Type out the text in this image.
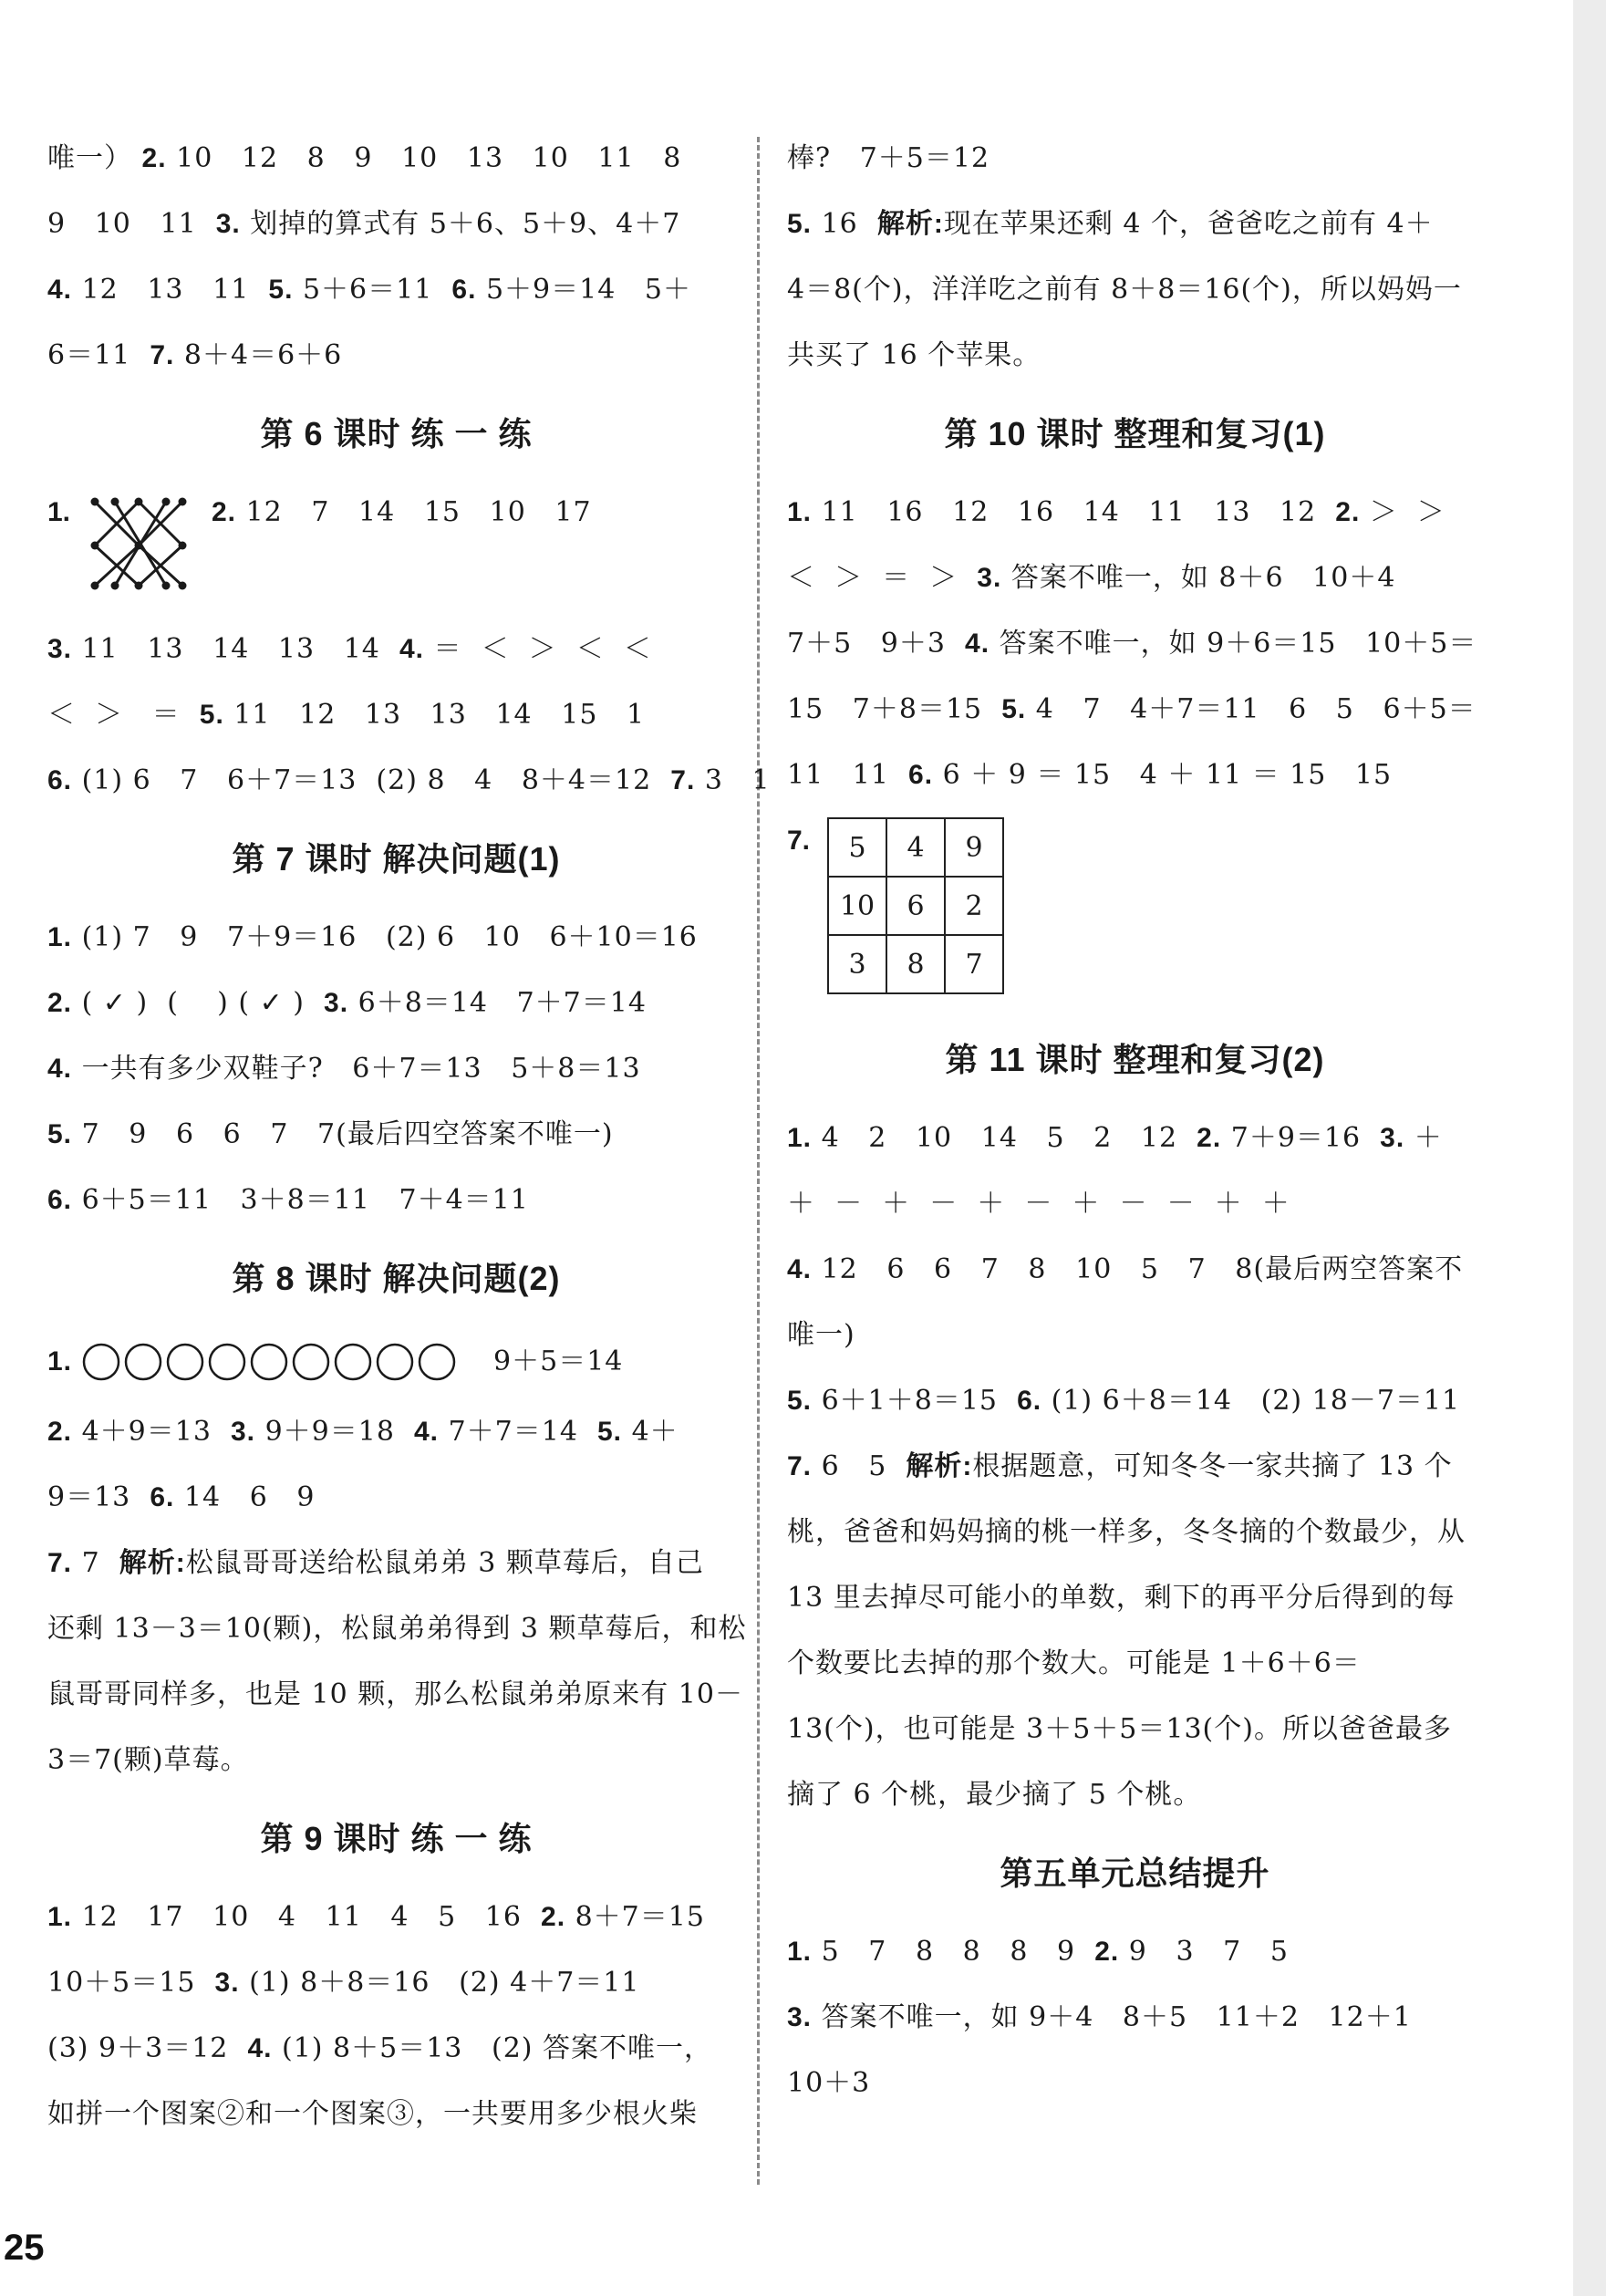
唯一） 2. 10   12   8   9   10   13   10   11   8
9   10   11  3. 划掉的算式有 5＋6、5＋9、4＋7
4. 12   13   11  5. 5＋6＝11  6. 5＋9＝14   5＋
6＝11  7. 8＋4＝6＋6
第 6 课时 练 一 练
1.	2. 12   7   14   15   10   17
3. 11   13   14   13   14  4. ＝  ＜  ＞  ＜  ＜
＜  ＞   ＝  5. 11   12   13   13   14   15   1
6. (1) 6   7   6＋7＝13  (2) 8   4   8＋4＝12  7. 3   1
第 7 课时 解决问题(1)
1. (1) 7   9   7＋9＝16   (2) 6   10   6＋10＝16
2. ( ✓ )  (    ) ( ✓ )  3. 6＋8＝14   7＋7＝14
4. 一共有多少双鞋子?   6＋7＝13   5＋8＝13
5. 7   9   6   6   7   7(最后四空答案不唯一)
6. 6＋5＝11   3＋8＝11   7＋4＝11
第 8 课时 解决问题(2)
1.	9＋5＝14
2. 4＋9＝13  3. 9＋9＝18  4. 7＋7＝14  5. 4＋
9＝13  6. 14   6   9
7. 7  解析:松鼠哥哥送给松鼠弟弟 3 颗草莓后，自己
还剩 13－3＝10(颗)，松鼠弟弟得到 3 颗草莓后，和松
鼠哥哥同样多，也是 10 颗，那么松鼠弟弟原来有 10－
3＝7(颗)草莓。
第 9 课时 练 一 练
1. 12   17   10   4   11   4   5   16  2. 8＋7＝15
10＋5＝15  3. (1) 8＋8＝16   (2) 4＋7＝11
(3) 9＋3＝12  4. (1) 8＋5＝13   (2) 答案不唯一，
如拼一个图案②和一个图案③，一共要用多少根火柴
棒?   7＋5＝12
5. 16  解析:现在苹果还剩 4 个，爸爸吃之前有 4＋
4＝8(个)，洋洋吃之前有 8＋8＝16(个)，所以妈妈一
共买了 16 个苹果。
第 10 课时 整理和复习(1)
1. 11   16   12   16   14   11   13   12  2. ＞  ＞
＜  ＞  ＝  ＞  3. 答案不唯一，如 8＋6   10＋4
7＋5   9＋3  4. 答案不唯一，如 9＋6＝15   10＋5＝
15   7＋8＝15  5. 4   7   4＋7＝11   6   5   6＋5＝
11   11  6. 6 ＋ 9 ＝ 15   4 ＋ 11 ＝ 15   15
7. 5	4	9
10	6	2
3	8	7
第 11 课时 整理和复习(2)
1. 4   2   10   14   5   2   12  2. 7＋9＝16  3. ＋
＋  －  ＋  －  ＋  －  ＋  －  －  ＋  ＋
4. 12   6   6   7   8   10   5   7   8(最后两空答案不
唯一)
5. 6＋1＋8＝15  6. (1) 6＋8＝14   (2) 18－7＝11
7. 6   5  解析:根据题意，可知冬冬一家共摘了 13 个
桃，爸爸和妈妈摘的桃一样多，冬冬摘的个数最少，从
13 里去掉尽可能小的单数，剩下的再平分后得到的每
个数要比去掉的那个数大。可能是 1＋6＋6＝
13(个)，也可能是 3＋5＋5＝13(个)。所以爸爸最多
摘了 6 个桃，最少摘了 5 个桃。
第五单元总结提升
1. 5   7   8   8   8   9  2. 9   3   7   5
3. 答案不唯一，如 9＋4   8＋5   11＋2   12＋1
10＋3
25
